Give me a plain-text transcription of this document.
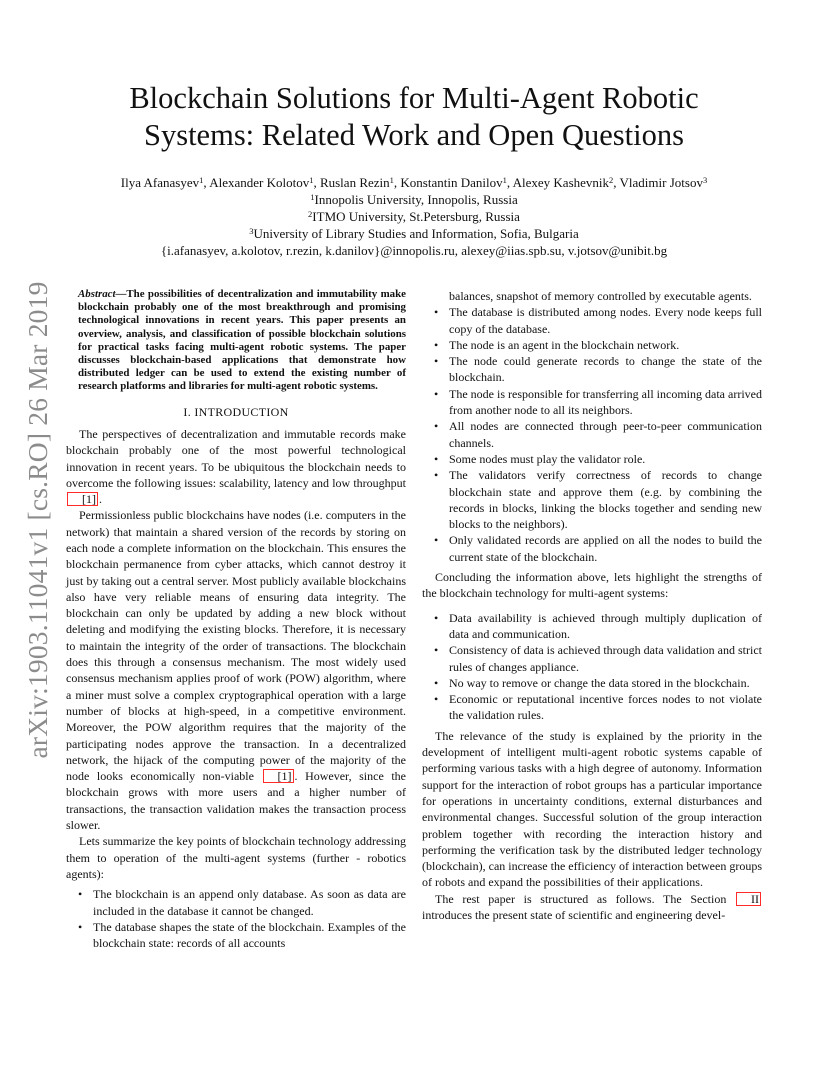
arXiv:1903.11041v1 [cs.RO] 26 Mar 2019
Blockchain Solutions for Multi-Agent Robotic
Systems: Related Work and Open Questions
Ilya Afanasyev$^1$, Alexander Kolotov$^1$, Ruslan Rezin$^1$, Konstantin Danilov$^1$, Alexey Kashevnik$^2$, Vladimir Jotsov$^3$
$^1$Innopolis University, Innopolis, Russia
$^2$ITMO University, St.Petersburg, Russia
$^3$University of Library Studies and Information, Sofia, Bulgaria
{i.afanasyev, a.kolotov, r.rezin, k.danilov}@innopolis.ru, alexey@iias.spb.su, v.jotsov@unibit.bg
Abstract—The possibilities of decentralization and immutability make blockchain probably one of the most breakthrough and promising technological innovations in recent years. This paper presents an overview, analysis, and classification of possible blockchain solutions for practical tasks facing multi-agent robotic systems. The paper discusses blockchain-based applications that demonstrate how distributed ledger can be used to extend the existing number of research platforms and libraries for multi-agent robotic systems.
I. INTRODUCTION

The perspectives of decentralization and immutable records make blockchain probably one of the most powerful technological innovation in recent years. To be ubiquitous the blockchain needs to overcome the following issues: scalability, latency and low throughput [1] .

Permissionless public blockchains have nodes (i.e. computers in the network) that maintain a shared version of the records by storing on each node a complete information on the blockchain. This ensures the blockchain permanence from cyber attacks, which cannot destroy it just by taking out a central server. Most publicly available blockchains also have very reliable means of ensuring data integrity. The blockchain can only be updated by adding a new block without deleting and modifying the existing blocks. Therefore, it is necessary to maintain the integrity of the order of transactions. The blockchain does this through a consensus mechanism. The most widely used consensus mechanism applies proof of work (POW) algorithm, where a miner must solve a complex cryptographical operation with a large number of blocks at high-speed, in a competitive environment. Moreover, the POW algorithm requires that the majority of the participating nodes approve the transaction. In a decentralized network, the hijack of the computing power of the majority of the node looks economically non-viable [1] . However, since the blockchain grows with more users and a higher number of transactions, the transaction validation makes the transaction process slower.

Lets summarize the key points of blockchain technology addressing them to operation of the multi-agent systems (further - robotics agents):

• The blockchain is an append only database. As soon as data are included in the database it cannot be changed.
• The database shapes the state of the blockchain. Examples of the blockchain state: records of all accounts
balances, snapshot of memory controlled by executable agents.
• The database is distributed among nodes. Every node keeps full copy of the database.
• The node is an agent in the blockchain network.
• The node could generate records to change the state of the blockchain.
• The node is responsible for transferring all incoming data arrived from another node to all its neighbors.
• All nodes are connected through peer-to-peer communication channels.
• Some nodes must play the validator role.
• The validators verify correctness of records to change blockchain state and approve them (e.g. by combining the records in blocks, linking the blocks together and sending new blocks to the neighbors).
• Only validated records are applied on all the nodes to build the current state of the blockchain.

Concluding the information above, lets highlight the strengths of the blockchain technology for multi-agent systems:

• Data availability is achieved through multiply duplication of data and communication.
• Consistency of data is achieved through data validation and strict rules of changes appliance.
• No way to remove or change the data stored in the blockchain.
• Economic or reputational incentive forces nodes to not violate the validation rules.

The relevance of the study is explained by the priority in the development of intelligent multi-agent robotic systems capable of performing various tasks with a high degree of autonomy. Information support for the interaction of robot groups has a particular importance for operations in uncertainty conditions, external disturbances and environmental changes. Successful solution of the group interaction problem together with recording the interaction history and performing the verification task by the distributed ledger technology (blockchain), can increase the efficiency of interaction between groups of robots and expand the possibilities of their applications.

The rest paper is structured as follows. The Section II introduces the present state of scientific and engineering devel-
